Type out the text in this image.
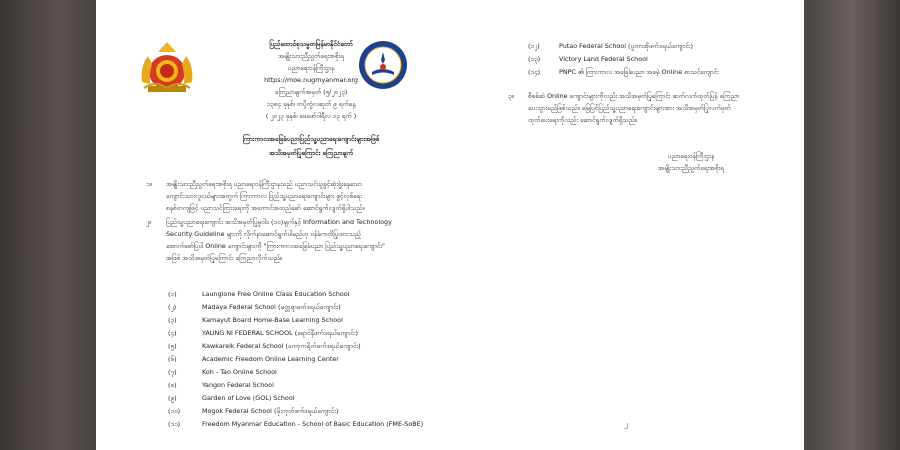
ပြည်ထောင်စုသမ္မတမြန်မာနိုင်ငံတော်
အမျိုးသားညီညွတ်ရေးအစိုးရ
ပညာရေးဝန်ကြီးဌာန
https://moe.nugmyanmar.org
ကြေညာချက်အမှတ် (၅/၂၀၂၃)
၁၃၈၄ ခုနှစ်၊ တပို့တွဲလဆုတ် ၉ ရက်နေ့
( ၂၀၂၃ ခုနှစ်၊ ဖေဖော်ဝါရီလ ၁၃ ရက် )
ကြားကာလအခြေခံပညာပြည်သူ့ပညာရေးကျောင်းများအဖြစ်
အသိအမှတ်ပြုကြောင်း ကြေညာချက်
၁။ အမျိုးသားညီညွတ်ရေးအစိုးရ ပညာရေးဝန်ကြီးဌာနသည် ပညာသင်ယူခွင့်ဆုံးရှုံးနေသော
ကျောင်းသားလူငယ်များအတွက် ကြားကာလ ပြည်သူ့ပညာရေးကျောင်းများ ဖွင့်လှစ်ရေး
စနစ်တကျဖြင့် ပညာသင်ကြားရေးကို အကောင်အထည်ဖော် ဆောင်ရွက်လျက်ရှိပါသည်။
၂။ ပြည်သူ့ပညာရေးကျောင်း အသိအမှတ်ပြုမူဝါဒ (၁၀)ချက်နှင့် Information and Technology
Security Guideline များကို လိုက်နာဆောင်ရွက်ပါမည်ဟု ဝန်ခံကတိပြုထားသည့်
အောက်ဖော်ပြပါ Online ကျောင်းများကို "ကြားကာလအခြေခံပညာ ပြည်သူ့ပညာရေးကျောင်း"
အဖြစ် အသိအမှတ်ပြုကြောင်း ကြေညာလိုက်သည်။
(၁)	Launglone Free Online Class Education School
(၂)	Madaya Federal School (မတ္တရာဖက်ဒရယ်ကျောင်း)
(၃)	Kamayut Board Home-Base Learning School
(၄)	YAUNG NI FEDERAL SCHOOL (ရောင်နီဖက်ဒရယ်ကျောင်း)
(၅)	Kawkareik Federal School (ကော့ကရိတ်ဖက်ဒရယ်ကျောင်း)
(၆)	Academic Freedom Online Learning Center
(၇)	Koh - Tao Online School
(၈)	Yangon Federal School
(၉)	Garden of Love (GOL) School
(၁၀)	Mogok Federal School (မိုးကုတ်ဖက်ဒရယ်ကျောင်း)
(၁၁)	Freedom Myanmar Education - School of Basic Education (FME-SoBE)
(၁၂)	Putao Federal School (ပူတာအိုဖက်ဒရယ်ကျောင်း)
(၁၃)	Victory Land Federal School
(၁၄)	PNPC ၏ ကြားကာလ အခြေခံပညာ အခမဲ့ Online စာသင်ကျောင်း
၃။ စိစစ်ဆဲ Online ကျောင်းများကိုလည်း အသိအမှတ်ပြုကြောင်း ဆက်လက်ထုတ်ပြန် ကြေညာ
ပေးသွားမည်ဖြစ်သည်။ မြေပြင်ပြည်သူ့ပညာရေးကျောင်းများအား အသိအမှတ်ပြုလက်မှတ်
ထုတ်ပေးရေးကိုလည်း ဆောင်ရွက်လျက်ရှိသည်။
ပညာရေးဝန်ကြီးဌာန
အမျိုးသားညီညွတ်ရေးအစိုးရ
၂
